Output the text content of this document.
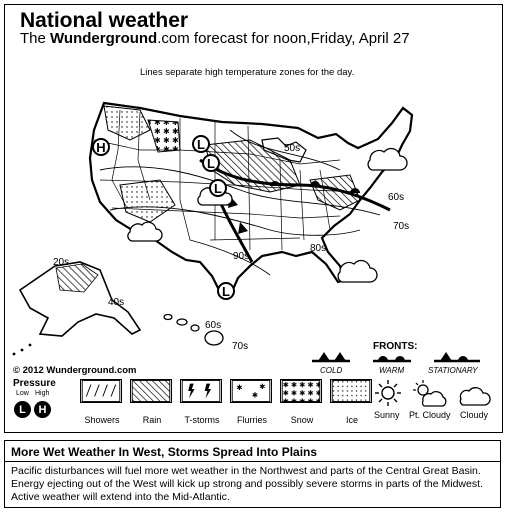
National weather
The Wunderground.com forecast for noon,Friday, April 27
Lines separate high temperature zones for the day.
H	L
L
L
L
50s
60s
70s
80s
90s
20s
40s
60s
70s
© 2012 Wunderground.com
FRONTS:
COLD	WARM	STATIONARY
Pressure
Low High
L	H
Showers	Rain	T-storms
✱
✱
✱
Flurries	Snow	Ice	Sunny Pt. Cloudy Cloudy
More Wet Weather In West, Storms Spread Into Plains
Pacific disturbances will fuel more wet weather in the Northwest and parts of the Central Great Basin. Energy ejecting out of the West will kick up strong and possibly severe storms in parts of the Midwest. Active weather will extend into the Mid-Atlantic.
